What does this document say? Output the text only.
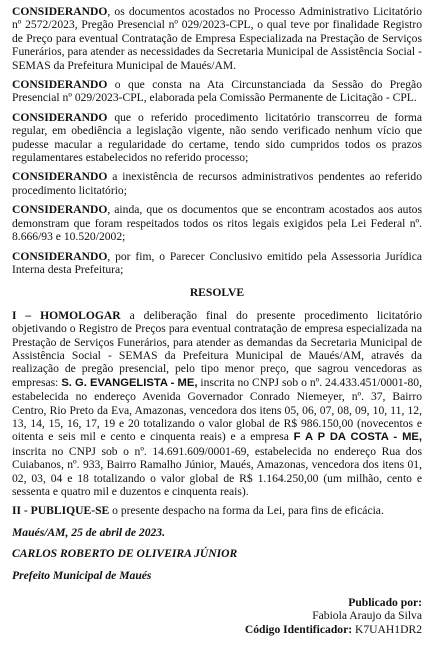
CONSIDERANDO, os documentos acostados no Processo Administrativo Licitatório nº 2572/2023, Pregão Presencial nº 029/2023-CPL, o qual teve por finalidade Registro de Preço para eventual Contratação de Empresa Especializada na Prestação de Serviços Funerários, para atender as necessidades da Secretaria Municipal de Assistência Social - SEMAS da Prefeitura Municipal de Maués/AM.

CONSIDERANDO o que consta na Ata Circunstanciada da Sessão do Pregão Presencial nº 029/2023-CPL, elaborada pela Comissão Permanente de Licitação - CPL.

CONSIDERANDO que o referido procedimento licitatório transcorreu de forma regular, em obediência a legislação vigente, não sendo verificado nenhum vício que pudesse macular a regularidade do certame, tendo sido cumpridos todos os prazos regulamentares estabelecidos no referido processo;

CONSIDERANDO a inexistência de recursos administrativos pendentes ao referido procedimento licitatório;

CONSIDERANDO, ainda, que os documentos que se encontram acostados aos autos demonstram que foram respeitados todos os ritos legais exigidos pela Lei Federal nº. 8.666/93 e 10.520/2002;

CONSIDERANDO, por fim, o Parecer Conclusivo emitido pela Assessoria Jurídica Interna desta Prefeitura;

RESOLVE

I – HOMOLOGAR a deliberação final do presente procedimento licitatório objetivando o Registro de Preços para eventual contratação de empresa especializada na Prestação de Serviços Funerários, para atender as demandas da Secretaria Municipal de Assistência Social - SEMAS da Prefeitura Municipal de Maués/AM, através da realização de pregão presencial, pelo tipo menor preço, que sagrou vencedoras as empresas: S. G. EVANGELISTA - ME, inscrita no CNPJ sob o nº. 24.433.451/0001-80, estabelecida no endereço Avenida Governador Conrado Niemeyer, nº. 37, Bairro Centro, Rio Preto da Eva, Amazonas, vencedora dos itens 05, 06, 07, 08, 09, 10, 11, 12, 13, 14, 15, 16, 17, 19 e 20 totalizando o valor global de R$ 986.150,00 (novecentos e oitenta e seis mil e cento e cinquenta reais) e a empresa F A P DA COSTA - ME, inscrita no CNPJ sob o nº. 14.691.609/0001-69, estabelecida no endereço Rua dos Cuiabanos, nº. 933, Bairro Ramalho Júnior, Maués, Amazonas, vencedora dos itens 01, 02, 03, 04 e 18 totalizando o valor global de R$ 1.164.250,00 (um milhão, cento e sessenta e quatro mil e duzentos e cinquenta reais).

II - PUBLIQUE-SE o presente despacho na forma da Lei, para fins de eficácia.

Maués/AM, 25 de abril de 2023.
CARLOS ROBERTO DE OLIVEIRA JÚNIOR
Prefeito Municipal de Maués
Publicado por:
Fabiola Araujo da Silva
Código Identificador: K7UAH1DR2
